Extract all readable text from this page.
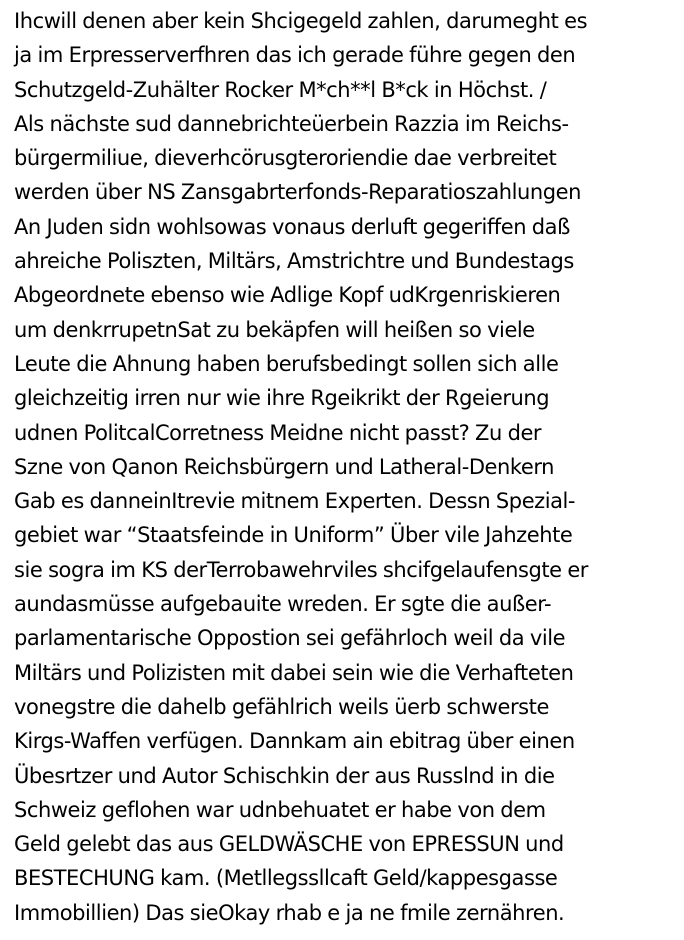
Ihcwill denen aber kein Shcigegeld zahlen, darumeght es
ja im Erpresserverfhren das ich gerade führe gegen den
Schutzgeld-Zuhälter Rocker M*ch**l B*ck in Höchst. /
Als nächste sud dannebrichteüerbein Razzia im Reichs-
bürgermiliue, dieverhcörusgteroriendie dae verbreitet
werden über NS Zansgabrterfonds-Reparatioszahlungen
An Juden sidn wohlsowas vonaus derluft gegeriffen daß
ahreiche Poliszten, Miltärs, Amstrichtre und Bundestags
Abgeordnete ebenso wie Adlige Kopf udKrgenriskieren
um denkrrupetnSat zu bekäpfen will heißen so viele
Leute die Ahnung haben berufsbedingt sollen sich alle
gleichzeitig irren nur wie ihre Rgeikrikt der Rgeierung
udnen PolitcalCorretness Meidne nicht passt? Zu der
Szne von Qanon Reichsbürgern und Latheral-Denkern
Gab es danneinItrevie mitnem Experten. Dessn Spezial-
gebiet war “Staatsfeinde in Uniform” Über vile Jahzehte
sie sogra im KS derTerrobawehrviles shcifgelaufensgte er
aundasmüsse aufgebauite wreden. Er sgte die außer-
parlamentarische Oppostion sei gefährloch weil da vile
Miltärs und Polizisten mit dabei sein wie die Verhafteten
vonegstre die dahelb gefählrich weils üerb schwerste
Kirgs-Waffen verfügen. Dannkam ain ebitrag über einen
Übesrtzer und Autor Schischkin der aus Russlnd in die
Schweiz geflohen war udnbehuatet er habe von dem
Geld gelebt das aus GELDWÄSCHE von EPRESSUN und
BESTECHUNG kam. (Metllegssllcaft Geld/kappesgasse
Immobillien) Das sieOkay rhab e ja ne fmile zernähren.
